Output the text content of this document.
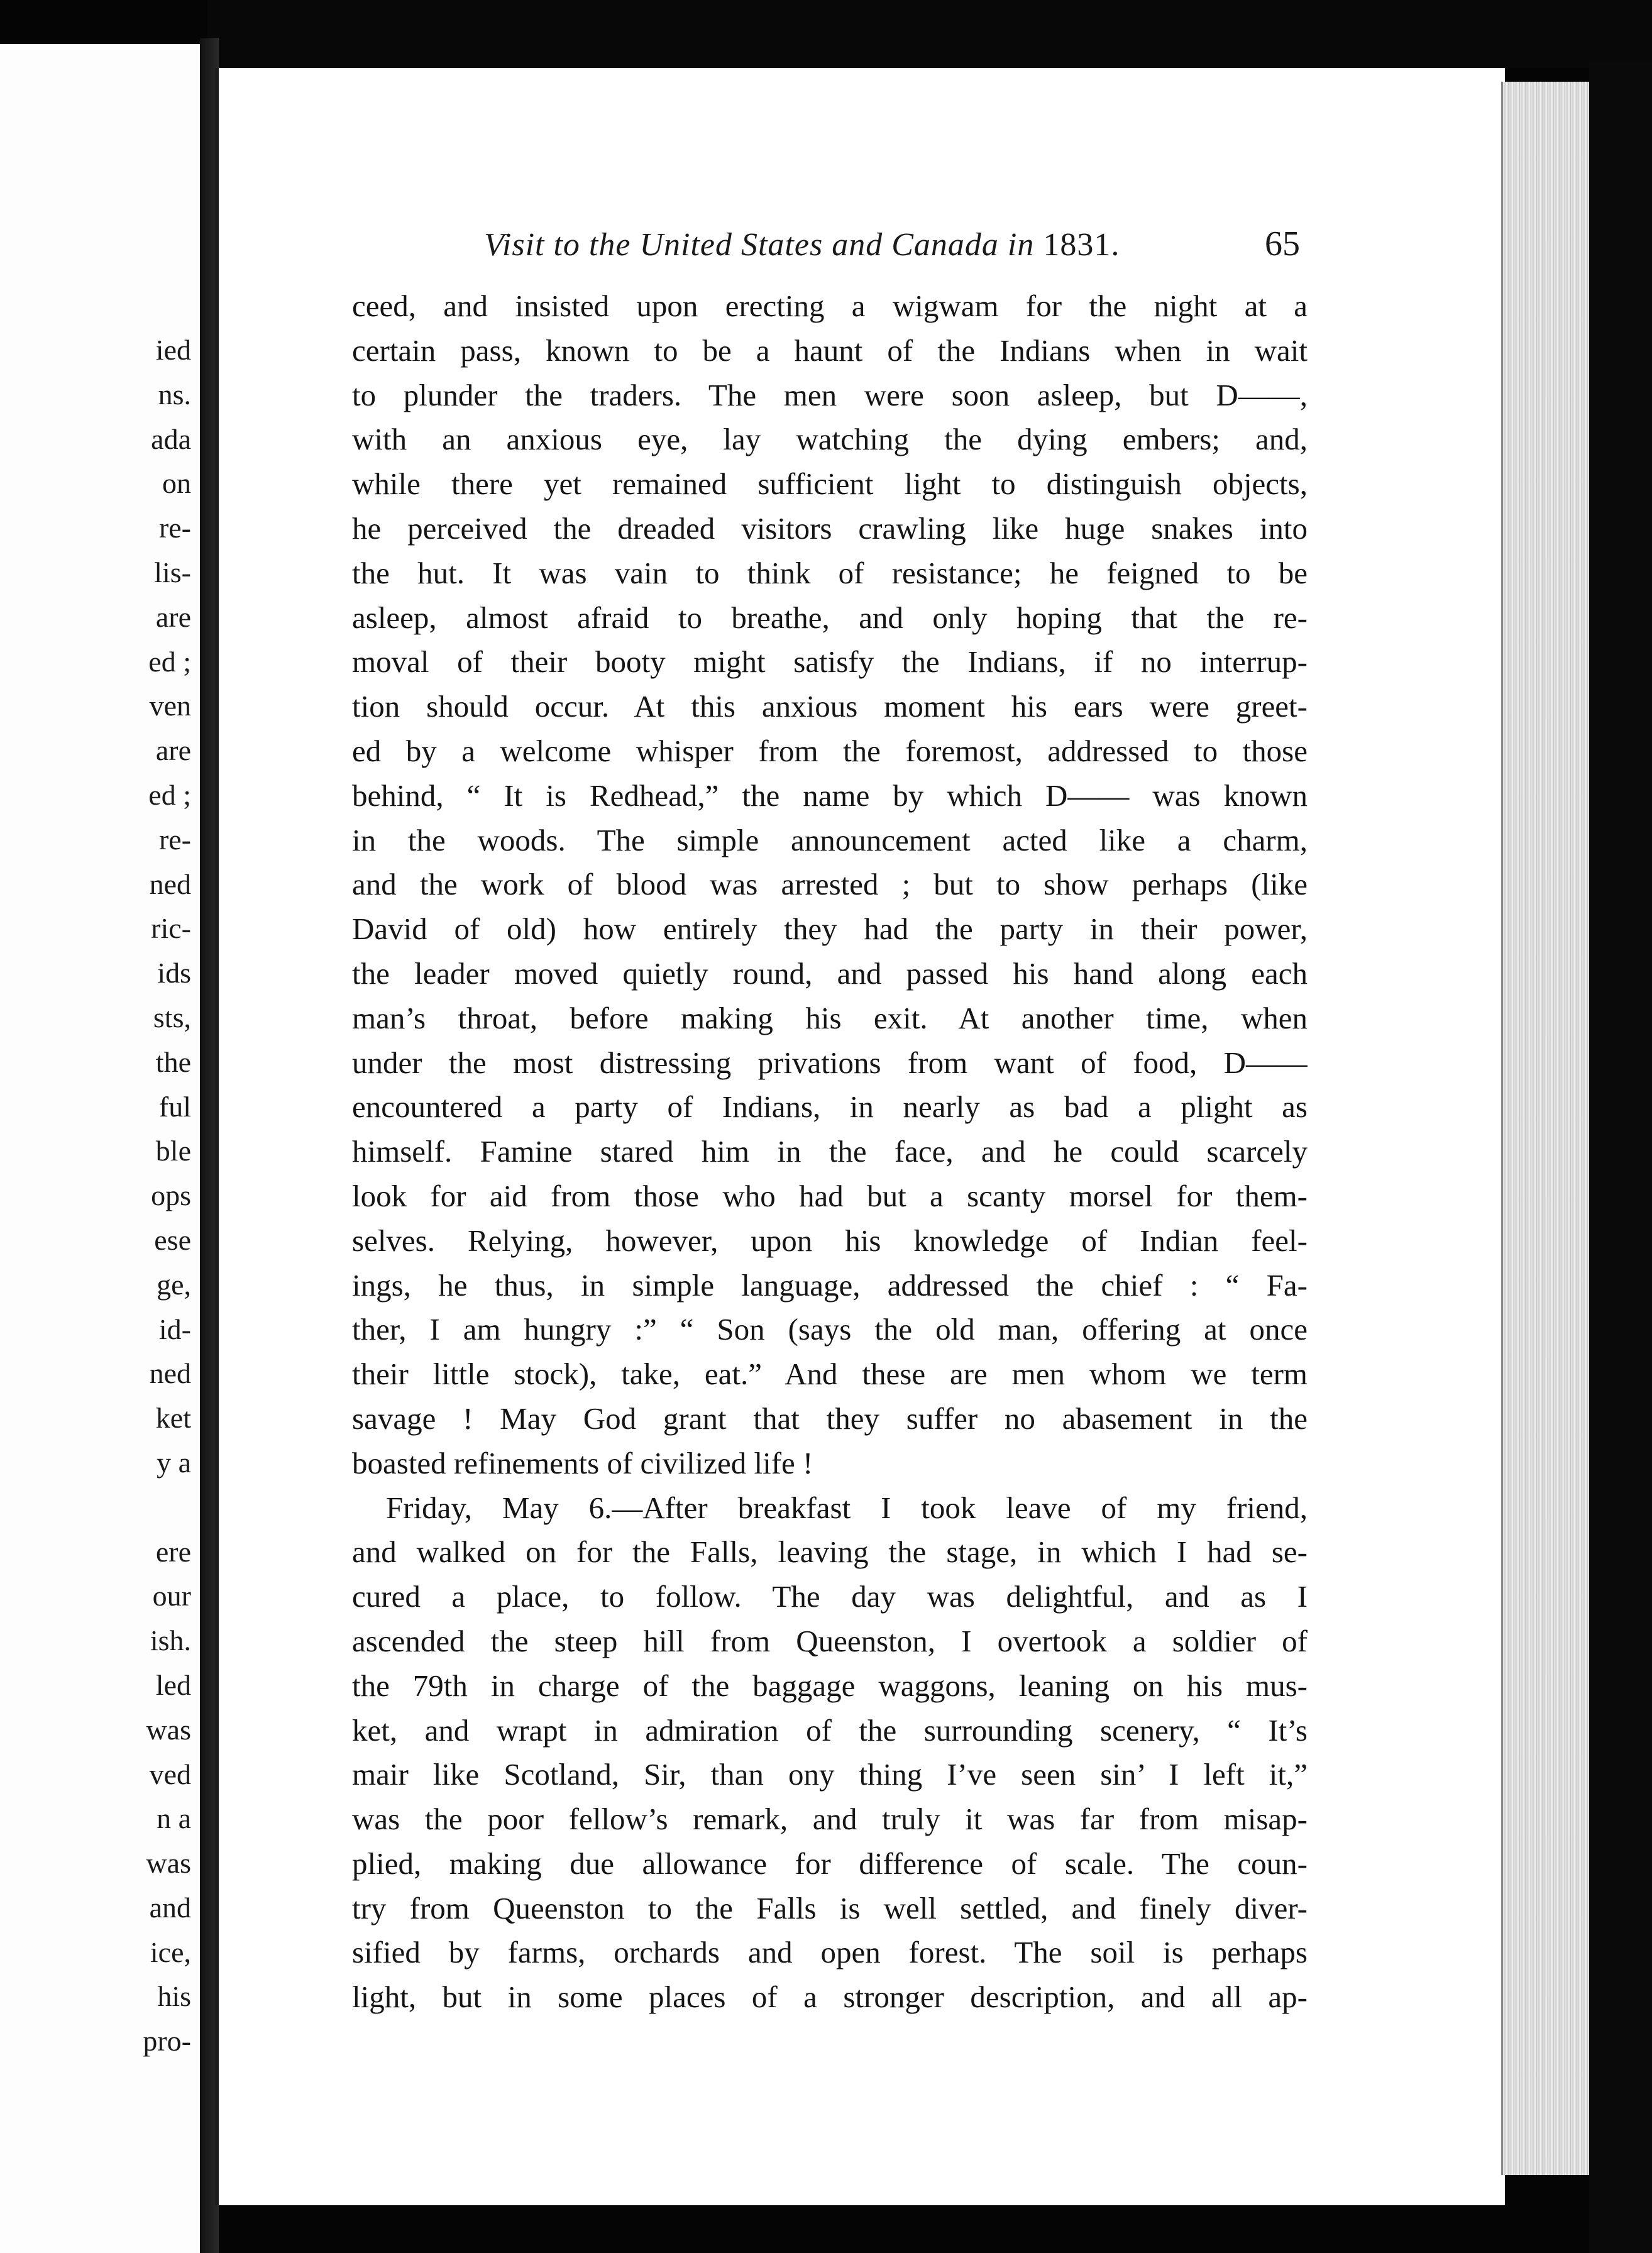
ied
ns.
ada
on
re-
lis-
are
ed ;
ven
are
ed ;
re-
ned
ric-
ids
sts,
the
ful
ble
ops
ese
ge,
id-
ned
ket
y a
ere
our
ish.
led
was
ved
n a
was
and
ice,
his
pro-
Visit to the United States and Canada in 1831.	65
ceed, and insisted upon erecting a wigwam for the night at a
certain pass, known to be a haunt of the Indians when in wait
to plunder the traders. The men were soon asleep, but D——,
with an anxious eye, lay watching the dying embers; and,
while there yet remained sufficient light to distinguish objects,
he perceived the dreaded visitors crawling like huge snakes into
the hut. It was vain to think of resistance; he feigned to be
asleep, almost afraid to breathe, and only hoping that the re-
moval of their booty might satisfy the Indians, if no interrup-
tion should occur. At this anxious moment his ears were greet-
ed by a welcome whisper from the foremost, addressed to those
behind, “ It is Redhead,” the name by which D—— was known
in the woods. The simple announcement acted like a charm,
and the work of blood was arrested ; but to show perhaps (like
David of old) how entirely they had the party in their power,
the leader moved quietly round, and passed his hand along each
man’s throat, before making his exit. At another time, when
under the most distressing privations from want of food, D——
encountered a party of Indians, in nearly as bad a plight as
himself. Famine stared him in the face, and he could scarcely
look for aid from those who had but a scanty morsel for them-
selves. Relying, however, upon his knowledge of Indian feel-
ings, he thus, in simple language, addressed the chief : “ Fa-
ther, I am hungry :” “ Son (says the old man, offering at once
their little stock), take, eat.” And these are men whom we term
savage ! May God grant that they suffer no abasement in the
boasted refinements of civilized life !
Friday, May 6.—After breakfast I took leave of my friend,
and walked on for the Falls, leaving the stage, in which I had se-
cured a place, to follow. The day was delightful, and as I
ascended the steep hill from Queenston, I overtook a soldier of
the 79th in charge of the baggage waggons, leaning on his mus-
ket, and wrapt in admiration of the surrounding scenery, “ It’s
mair like Scotland, Sir, than ony thing I’ve seen sin’ I left it,”
was the poor fellow’s remark, and truly it was far from misap-
plied, making due allowance for difference of scale. The coun-
try from Queenston to the Falls is well settled, and finely diver-
sified by farms, orchards and open forest. The soil is perhaps
light, but in some places of a stronger description, and all ap-
